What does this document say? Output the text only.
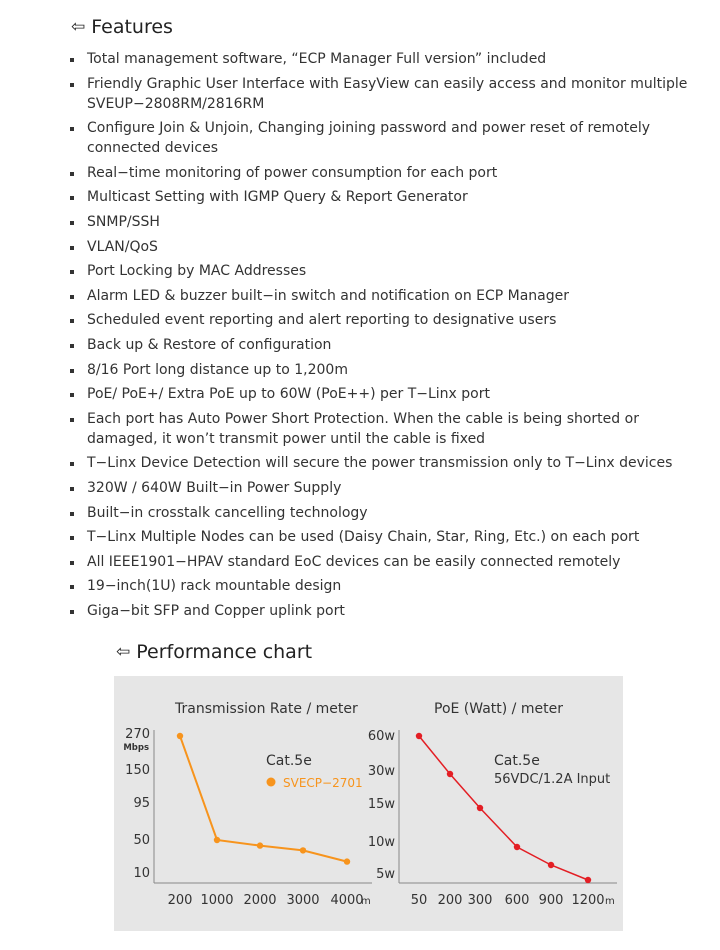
⇦ Features
Total management software, “ECP Manager Full version” included
Friendly Graphic User Interface with EasyView can easily access and monitor multiple SVEUP−2808RM/2816RM
Configure Join & Unjoin, Changing joining password and power reset of remotely connected devices
Real−time monitoring of power consumption for each port
Multicast Setting with IGMP Query & Report Generator
SNMP/SSH
VLAN/QoS
Port Locking by MAC Addresses
Alarm LED & buzzer built−in switch and notification on ECP Manager
Scheduled event reporting and alert reporting to designative users
Back up & Restore of configuration
8/16 Port long distance up to 1,200m
PoE/ PoE+/ Extra PoE up to 60W (PoE++) per T−Linx port
Each port has Auto Power Short Protection. When the cable is being shorted or damaged, it won’t transmit power until the cable is fixed
T−Linx Device Detection will secure the power transmission only to T−Linx devices
320W / 640W Built−in Power Supply
Built−in crosstalk cancelling technology
T−Linx Multiple Nodes can be used (Daisy Chain, Star, Ring, Etc.) on each port
All IEEE1901−HPAV standard EoC devices can be easily connected remotely
19−inch(1U) rack mountable design
Giga−bit SFP and Copper uplink port
⇦ Performance chart
Transmission Rate / meter
270
150
95
50
10
Mbps
200 1000 2000 3000 4000
m
Cat.5e
SVECP−2701
PoE (Watt) / meter
60w
30w
15w
10w
5w
50 200 300 600 900 1200 m
Cat.5e
56VDC/1.2A Input
